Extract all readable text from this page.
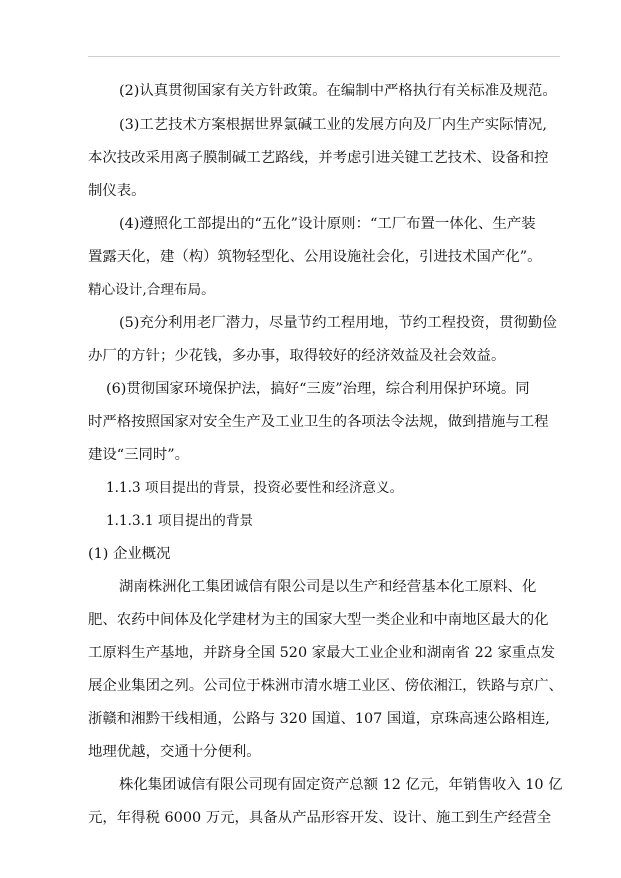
(2)认真贯彻国家有关方针政策。在编制中严格执行有关标准及规范。
(3)工艺技术方案根据世界氯碱工业的发展方向及厂内生产实际情况,
本次技改采用离子膜制碱工艺路线，并考虑引进关键工艺技术、设备和控
制仪表。
(4)遵照化工部提出的“五化”设计原则：“工厂布置一体化、生产装
置露天化，建（构）筑物轻型化、公用设施社会化，引进技术国产化”。
精心设计,合理布局。
(5)充分利用老厂潜力，尽量节约工程用地，节约工程投资，贯彻勤俭
办厂的方针；少花钱，多办事，取得较好的经济效益及社会效益。
(6)贯彻国家环境保护法，搞好“三废”治理，综合利用保护环境。同
时严格按照国家对安全生产及工业卫生的各项法令法规，做到措施与工程
建设“三同时”。
1.1.3 项目提出的背景，投资必要性和经济意义。
1.1.3.1 项目提出的背景
(1) 企业概况
湖南株洲化工集团诚信有限公司是以生产和经营基本化工原料、化
肥、农药中间体及化学建材为主的国家大型一类企业和中南地区最大的化
工原料生产基地，并跻身全国 520 家最大工业企业和湖南省 22 家重点发
展企业集团之列。公司位于株洲市清水塘工业区、傍依湘江，铁路与京广、
浙赣和湘黔干线相通，公路与 320 国道、107 国道，京珠高速公路相连,
地理优越，交通十分便利。
株化集团诚信有限公司现有固定资产总额 12 亿元，年销售收入 10 亿
元，年得税 6000 万元，具备从产品形容开发、设计、施工到生产经营全
